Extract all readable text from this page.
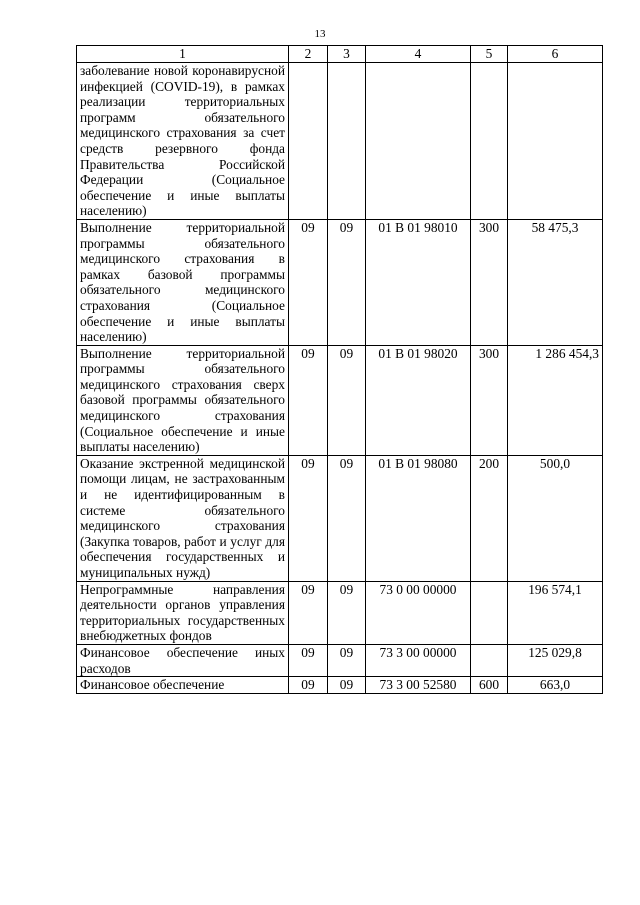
13
1	2	3	4	5	6
заболевание новой коронавирусной инфекцией (COVID-19), в рамках реализации территориальных программ обязательного медицинского страхования за счет средств резервного фонда Правительства Российской Федерации (Социальное обеспечение и иные выплаты населению)					
Выполнение территориальной программы обязательного медицинского страхования в рамках базовой программы обязательного медицинского страхования (Социальное обеспечение и иные выплаты населению)	09	09	01 В 01 98010	300	58 475,3
Выполнение территориальной программы обязательного медицинского страхования сверх базовой программы обязательного медицинского страхования (Социальное обеспечение и иные выплаты населению)	09	09	01 В 01 98020	300	1 286 454,3
Оказание экстренной медицинской помощи лицам, не застрахованным и не идентифицированным в системе обязательного медицинского страхования (Закупка товаров, работ и услуг для обеспечения государственных и муниципальных нужд)	09	09	01 В 01 98080	200	500,0
Непрограммные направления деятельности органов управления территориальных государственных внебюджетных фондов	09	09	73 0 00 00000		196 574,1
Финансовое обеспечение иных расходов	09	09	73 3 00 00000		125 029,8
Финансовое обеспечение	09	09	73 3 00 52580	600	663,0
